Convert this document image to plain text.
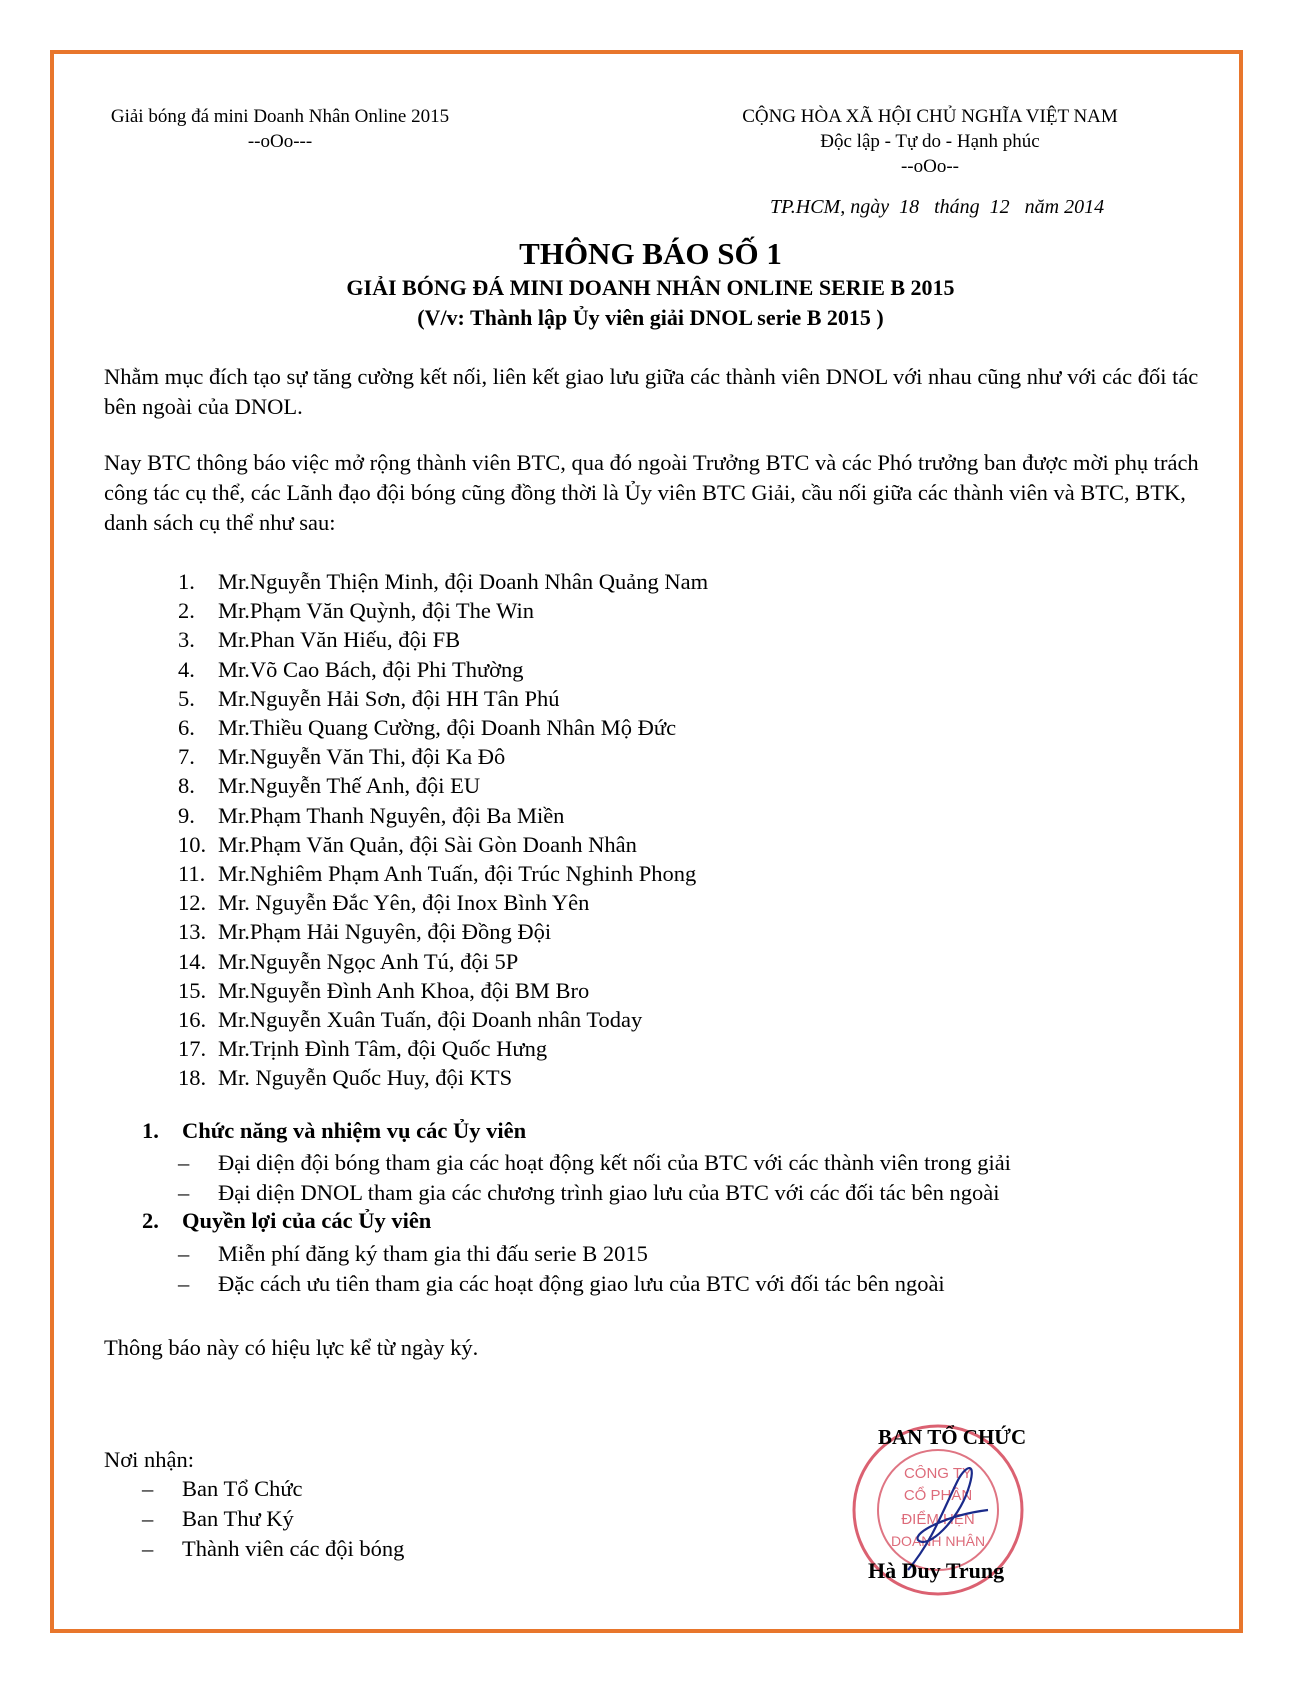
Giải bóng đá mini Doanh Nhân Online 2015
--oOo---
CỘNG HÒA XÃ HỘI CHỦ NGHĨA VIỆT NAM
Độc lập - Tự do - Hạnh phúc
--oOo--
TP.HCM, ngày  18   tháng  12   năm 2014
THÔNG BÁO SỐ 1
GIẢI BÓNG ĐÁ MINI DOANH NHÂN ONLINE SERIE B 2015
(V/v: Thành lập Ủy viên giải DNOL serie B 2015 )
Nhằm mục đích tạo sự tăng cường kết nối, liên kết giao lưu giữa các thành viên DNOL với nhau cũng như với các đối tác bên ngoài của DNOL.
Nay BTC thông báo việc mở rộng thành viên BTC, qua đó ngoài Trưởng BTC và các Phó trưởng ban được mời phụ trách công tác cụ thể, các Lãnh đạo đội bóng cũng đồng thời là Ủy viên BTC Giải, cầu nối giữa các thành viên và BTC, BTK, danh sách cụ thể như sau:
1.	Mr.Nguyễn Thiện Minh, đội Doanh Nhân Quảng Nam
2.	Mr.Phạm Văn Quỳnh, đội The Win
3.	Mr.Phan Văn Hiếu, đội FB
4.	Mr.Võ Cao Bách, đội Phi Thường
5.	Mr.Nguyễn Hải Sơn, đội HH Tân Phú
6.	Mr.Thiều Quang Cường, đội Doanh Nhân Mộ Đức
7.	Mr.Nguyễn Văn Thi, đội Ka Đô
8.	Mr.Nguyễn Thế Anh, đội EU
9.	Mr.Phạm Thanh Nguyên, đội Ba Miền
10. Mr.Phạm Văn Quản, đội Sài Gòn Doanh Nhân
11. Mr.Nghiêm Phạm Anh Tuấn, đội Trúc Nghinh Phong
12. Mr. Nguyễn Đắc Yên, đội Inox Bình Yên
13. Mr.Phạm Hải Nguyên, đội Đồng Đội
14. Mr.Nguyễn Ngọc Anh Tú, đội 5P
15. Mr.Nguyễn Đình Anh Khoa, đội BM Bro
16. Mr.Nguyễn Xuân Tuấn, đội Doanh nhân Today
17. Mr.Trịnh Đình Tâm, đội Quốc Hưng
18. Mr. Nguyễn Quốc Huy, đội KTS
1. Chức năng và nhiệm vụ các Ủy viên
– Đại diện đội bóng tham gia các hoạt động kết nối của BTC với các thành viên trong giải
– Đại diện DNOL tham gia các chương trình giao lưu của BTC với các đối tác bên ngoài
2. Quyền lợi của các Ủy viên
– Miễn phí đăng ký tham gia thi đấu serie B 2015
– Đặc cách ưu tiên tham gia các hoạt động giao lưu của BTC với đối tác bên ngoài
Thông báo này có hiệu lực kể từ ngày ký.
Nơi nhận:
– Ban Tổ Chức
– Ban Thư Ký
– Thành viên các đội bóng
CÔNG TY
CỔ PHẦN
ĐIỂM HẸN
DOANH NHÂN
BAN TỔ CHỨC
Hà Duy Trung
